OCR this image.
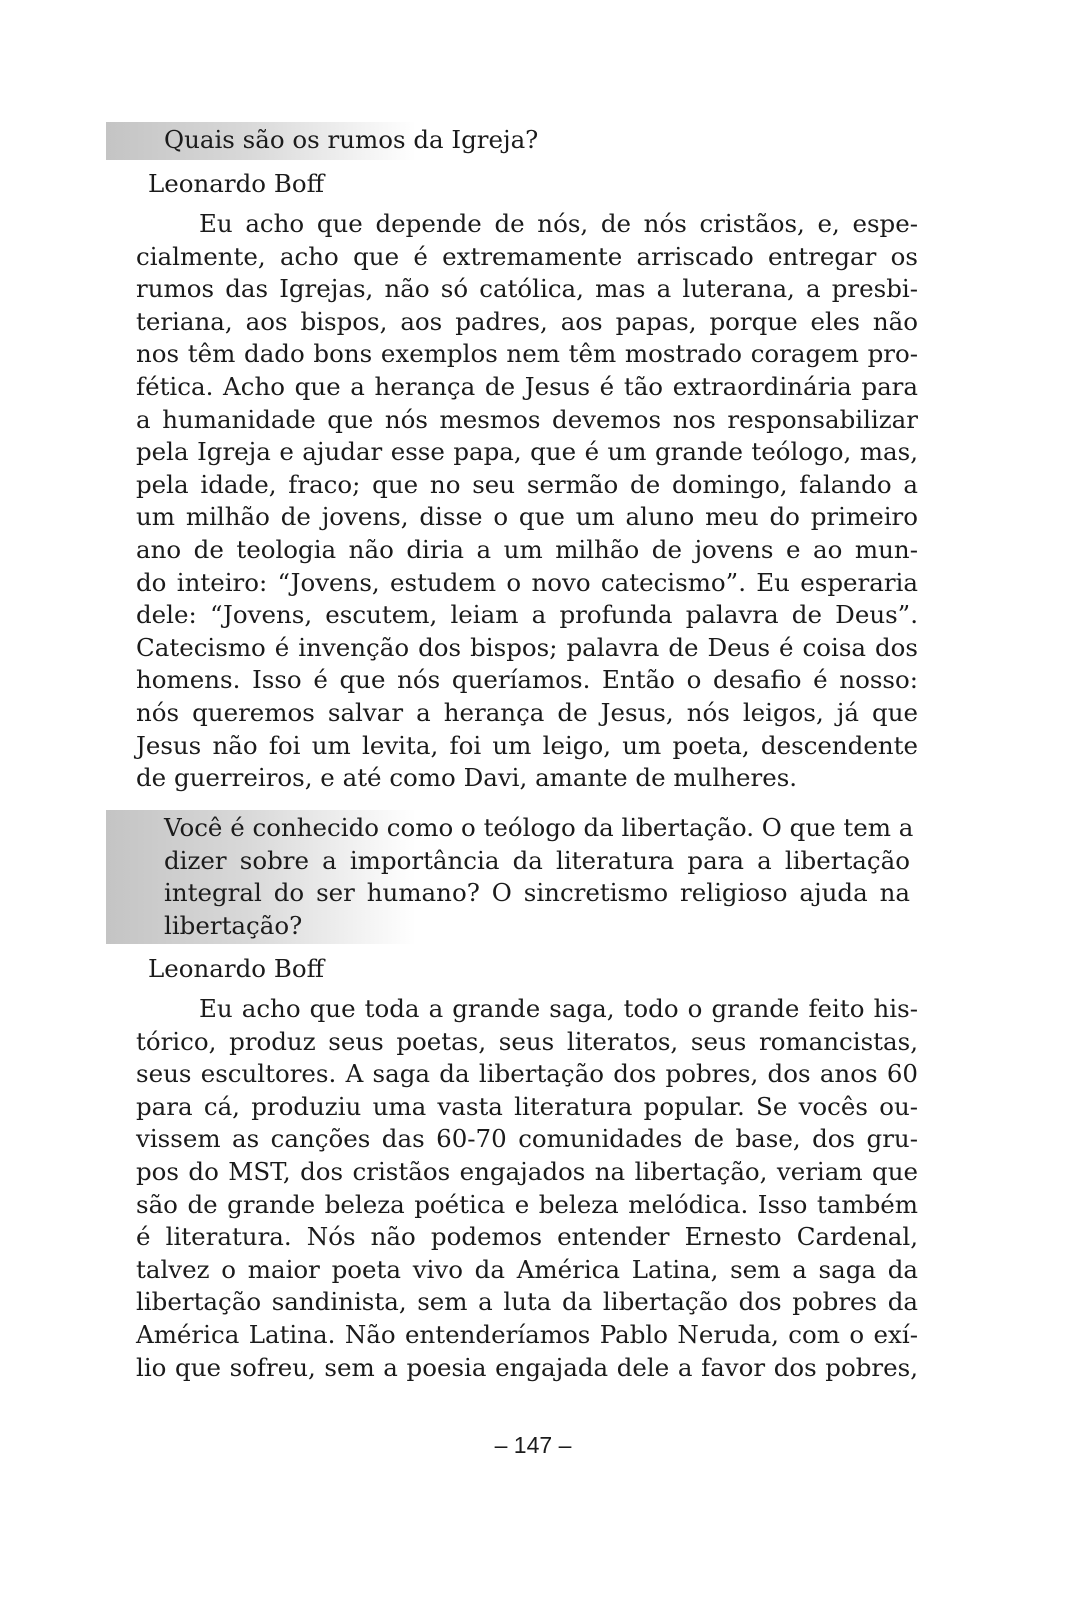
Quais são os rumos da Igreja?
Leonardo Boff
Eu acho que depende de nós, de nós cristãos, e, espe-
cialmente, acho que é extremamente arriscado entregar os
rumos das Igrejas, não só católica, mas a luterana, a presbi-
teriana, aos bispos, aos padres, aos papas, porque eles não
nos têm dado bons exemplos nem têm mostrado coragem pro-
fética. Acho que a herança de Jesus é tão extraordinária para
a humanidade que nós mesmos devemos nos responsabilizar
pela Igreja e ajudar esse papa, que é um grande teólogo, mas,
pela idade, fraco; que no seu sermão de domingo, falando a
um milhão de jovens, disse o que um aluno meu do primeiro
ano de teologia não diria a um milhão de jovens e ao mun-
do inteiro: “Jovens, estudem o novo catecismo”. Eu esperaria
dele: “Jovens, escutem, leiam a profunda palavra de Deus”.
Catecismo é invenção dos bispos; palavra de Deus é coisa dos
homens. Isso é que nós queríamos. Então o desafio é nosso:
nós queremos salvar a herança de Jesus, nós leigos, já que
Jesus não foi um levita, foi um leigo, um poeta, descendente
de guerreiros, e até como Davi, amante de mulheres.
Você é conhecido como o teólogo da libertação. O que tem a
dizer sobre a importância da literatura para a libertação
integral do ser humano? O sincretismo religioso ajuda na
libertação?
Leonardo Boff
Eu acho que toda a grande saga, todo o grande feito his-
tórico, produz seus poetas, seus literatos, seus romancistas,
seus escultores. A saga da libertação dos pobres, dos anos 60
para cá, produziu uma vasta literatura popular. Se vocês ou-
vissem as canções das 60-70 comunidades de base, dos gru-
pos do MST, dos cristãos engajados na libertação, veriam que
são de grande beleza poética e beleza melódica. Isso também
é literatura. Nós não podemos entender Ernesto Cardenal,
talvez o maior poeta vivo da América Latina, sem a saga da
libertação sandinista, sem a luta da libertação dos pobres da
América Latina. Não entenderíamos Pablo Neruda, com o exí-
lio que sofreu, sem a poesia engajada dele a favor dos pobres,
– 147 –
